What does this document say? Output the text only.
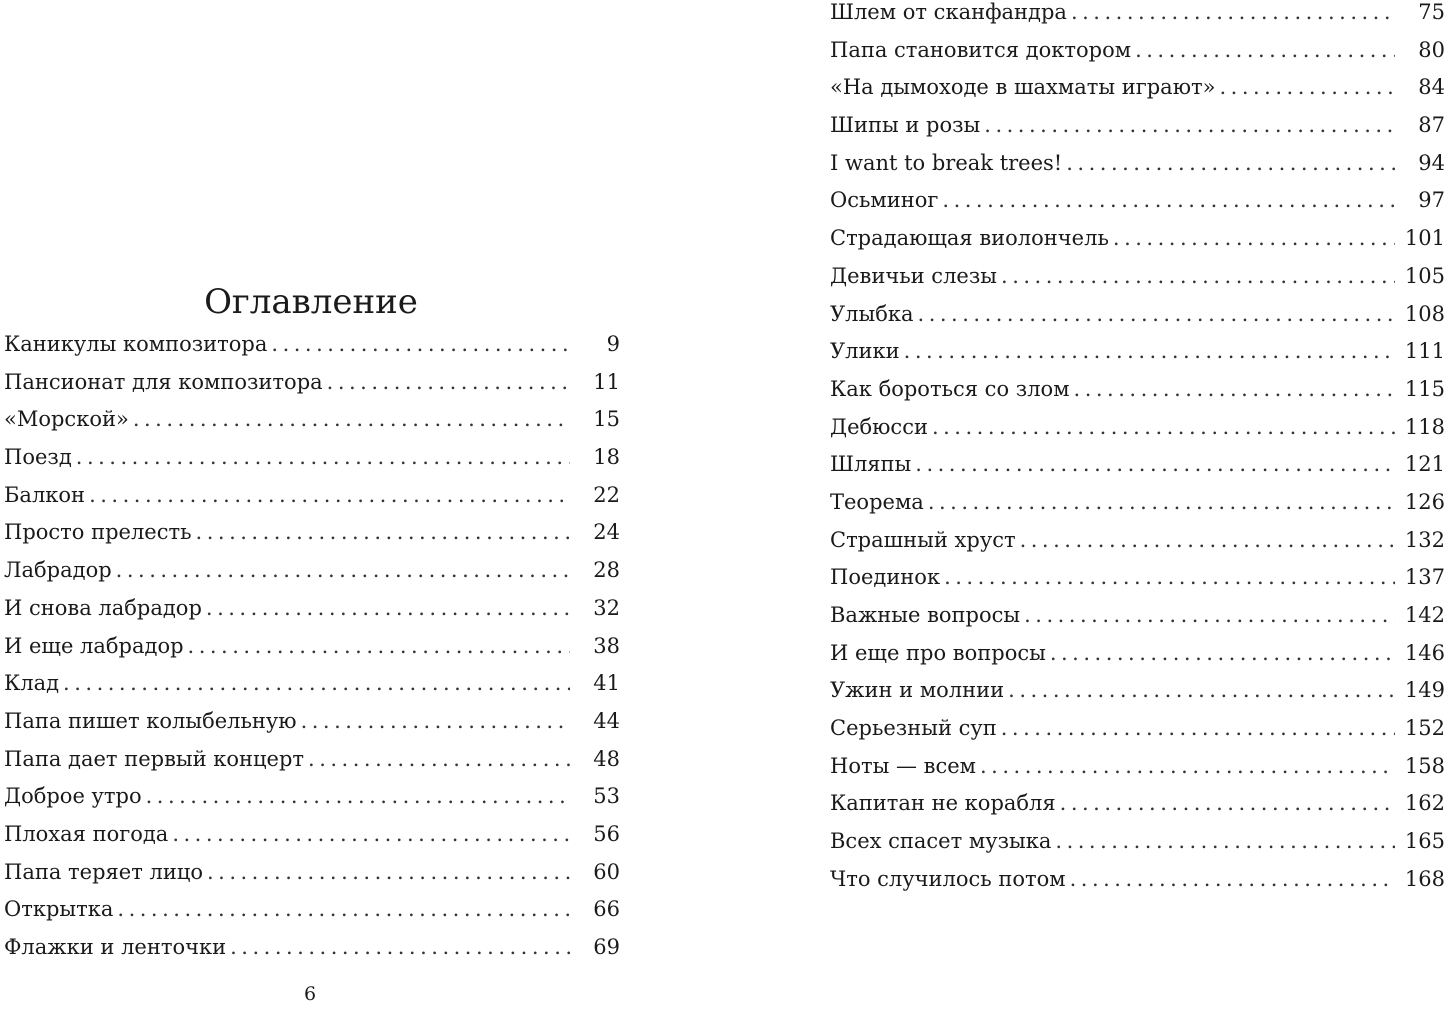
Оглавление
Каникулы композитора .....	9
Пансионат для композитора .....	11
«Морской» .....	15
Поезд .....	18
Балкон .....	22
Просто прелесть .....	24
Лабрадор .....	28
И снова лабрадор .....	32
И еще лабрадор .....	38
Клад .....	41
Папа пишет колыбельную .....	44
Папа дает первый концерт .....	48
Доброе утро .....	53
Плохая погода .....	56
Папа теряет лицо .....	60
Открытка .....	66
Флажки и ленточки .....	69
Шлем от сканфандра .....	75
Папа становится доктором .....	80
«На дымоходе в шахматы играют» .....	84
Шипы и розы .....	87
I want to break trees! .....	94
Осьминог .....	97
Страдающая виолончель .....	101
Девичьи слезы .....	105
Улыбка .....	108
Улики .....	111
Как бороться со злом .....	115
Дебюсси .....	118
Шляпы .....	121
Теорема .....	126
Страшный хруст .....	132
Поединок .....	137
Важные вопросы .....	142
И еще про вопросы .....	146
Ужин и молнии .....	149
Серьезный суп .....	152
Ноты — всем .....	158
Капитан не корабля .....	162
Всех спасет музыка .....	165
Что случилось потом .....	168
6
